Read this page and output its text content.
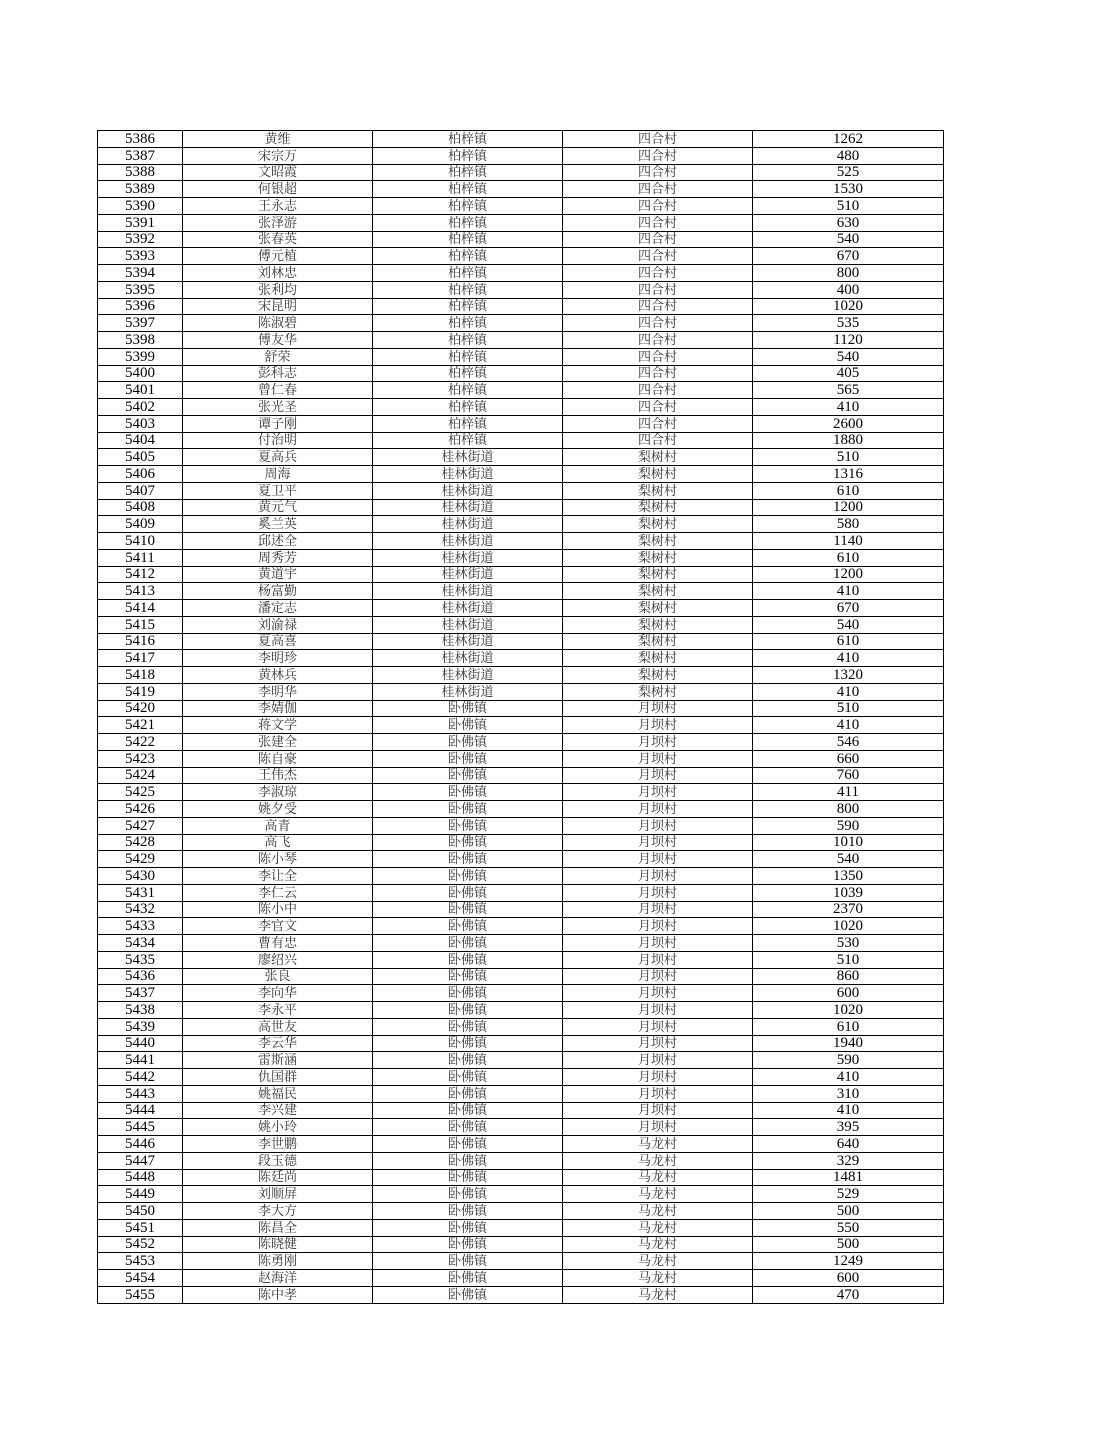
5386	黄维	柏梓镇	四合村	1262
5387	宋宗万	柏梓镇	四合村	480
5388	文昭霞	柏梓镇	四合村	525
5389	何银超	柏梓镇	四合村	1530
5390	王永志	柏梓镇	四合村	510
5391	张泽游	柏梓镇	四合村	630
5392	张春英	柏梓镇	四合村	540
5393	傅元植	柏梓镇	四合村	670
5394	刘林忠	柏梓镇	四合村	800
5395	张利均	柏梓镇	四合村	400
5396	宋昆明	柏梓镇	四合村	1020
5397	陈淑碧	柏梓镇	四合村	535
5398	傅友华	柏梓镇	四合村	1120
5399	舒荣	柏梓镇	四合村	540
5400	彭科志	柏梓镇	四合村	405
5401	曾仁春	柏梓镇	四合村	565
5402	张光圣	柏梓镇	四合村	410
5403	谭子刚	柏梓镇	四合村	2600
5404	付治明	柏梓镇	四合村	1880
5405	夏高兵	桂林街道	梨树村	510
5406	周海	桂林街道	梨树村	1316
5407	夏卫平	桂林街道	梨树村	610
5408	黄元气	桂林街道	梨树村	1200
5409	奚兰英	桂林街道	梨树村	580
5410	邱述全	桂林街道	梨树村	1140
5411	周秀芳	桂林街道	梨树村	610
5412	黄道宇	桂林街道	梨树村	1200
5413	杨富勤	桂林街道	梨树村	410
5414	潘定志	桂林街道	梨树村	670
5415	刘渝禄	桂林街道	梨树村	540
5416	夏高喜	桂林街道	梨树村	610
5417	李明珍	桂林街道	梨树村	410
5418	黄林兵	桂林街道	梨树村	1320
5419	李明华	桂林街道	梨树村	410
5420	李婧伽	卧佛镇	月坝村	510
5421	蒋文学	卧佛镇	月坝村	410
5422	张建全	卧佛镇	月坝村	546
5423	陈自豪	卧佛镇	月坝村	660
5424	王伟杰	卧佛镇	月坝村	760
5425	李淑琼	卧佛镇	月坝村	411
5426	姚夕受	卧佛镇	月坝村	800
5427	高青	卧佛镇	月坝村	590
5428	高飞	卧佛镇	月坝村	1010
5429	陈小琴	卧佛镇	月坝村	540
5430	李让全	卧佛镇	月坝村	1350
5431	李仁云	卧佛镇	月坝村	1039
5432	陈小中	卧佛镇	月坝村	2370
5433	李官文	卧佛镇	月坝村	1020
5434	曹有忠	卧佛镇	月坝村	530
5435	廖绍兴	卧佛镇	月坝村	510
5436	张良	卧佛镇	月坝村	860
5437	李向华	卧佛镇	月坝村	600
5438	李永平	卧佛镇	月坝村	1020
5439	高世友	卧佛镇	月坝村	610
5440	李云华	卧佛镇	月坝村	1940
5441	雷斯涵	卧佛镇	月坝村	590
5442	仇国群	卧佛镇	月坝村	410
5443	姚福民	卧佛镇	月坝村	310
5444	李兴建	卧佛镇	月坝村	410
5445	姚小玲	卧佛镇	月坝村	395
5446	李世鹏	卧佛镇	马龙村	640
5447	段玉德	卧佛镇	马龙村	329
5448	陈廷尚	卧佛镇	马龙村	1481
5449	刘顺屏	卧佛镇	马龙村	529
5450	李大方	卧佛镇	马龙村	500
5451	陈昌全	卧佛镇	马龙村	550
5452	陈晓健	卧佛镇	马龙村	500
5453	陈勇刚	卧佛镇	马龙村	1249
5454	赵海洋	卧佛镇	马龙村	600
5455	陈中孝	卧佛镇	马龙村	470
